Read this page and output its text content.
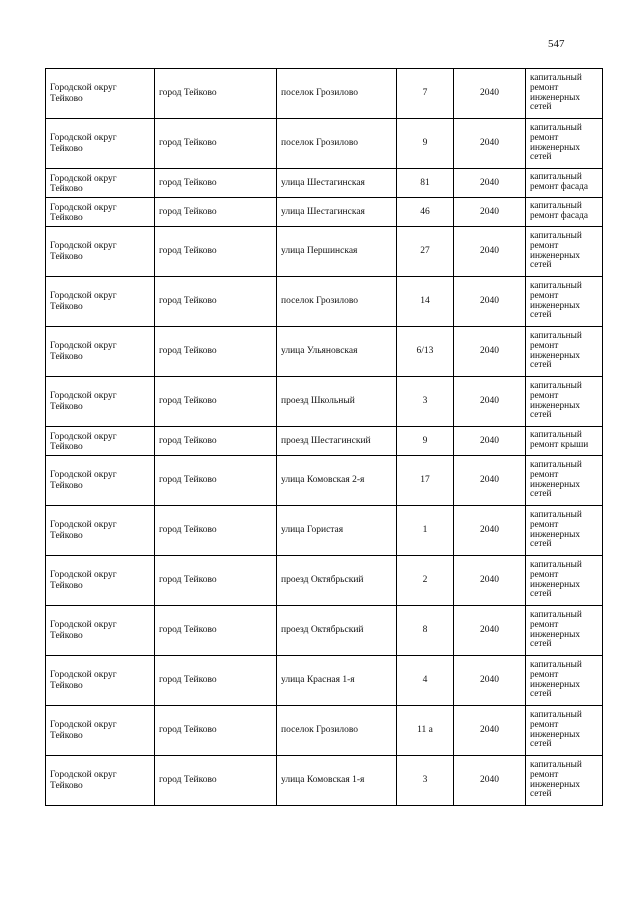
547
Городской округ Тейково	город Тейково	поселок Грозилово	7	2040	капитальный ремонт инженерных сетей
Городской округ Тейково	город Тейково	поселок Грозилово	9	2040	капитальный ремонт инженерных сетей
Городской округ Тейково	город Тейково	улица Шестагинская	81	2040	капитальный ремонт фасада
Городской округ Тейково	город Тейково	улица Шестагинская	46	2040	капитальный ремонт фасада
Городской округ Тейково	город Тейково	улица Першинская	27	2040	капитальный ремонт инженерных сетей
Городской округ Тейково	город Тейково	поселок Грозилово	14	2040	капитальный ремонт инженерных сетей
Городской округ Тейково	город Тейково	улица Ульяновская	6/13	2040	капитальный ремонт инженерных сетей
Городской округ Тейково	город Тейково	проезд Школьный	3	2040	капитальный ремонт инженерных сетей
Городской округ Тейково	город Тейково	проезд Шестагинский	9	2040	капитальный ремонт крыши
Городской округ Тейково	город Тейково	улица Комовская 2-я	17	2040	капитальный ремонт инженерных сетей
Городской округ Тейково	город Тейково	улица Гористая	1	2040	капитальный ремонт инженерных сетей
Городской округ Тейково	город Тейково	проезд Октябрьский	2	2040	капитальный ремонт инженерных сетей
Городской округ Тейково	город Тейково	проезд Октябрьский	8	2040	капитальный ремонт инженерных сетей
Городской округ Тейково	город Тейково	улица Красная 1-я	4	2040	капитальный ремонт инженерных сетей
Городской округ Тейково	город Тейково	поселок Грозилово	11 а	2040	капитальный ремонт инженерных сетей
Городской округ Тейково	город Тейково	улица Комовская 1-я	3	2040	капитальный ремонт инженерных сетей
